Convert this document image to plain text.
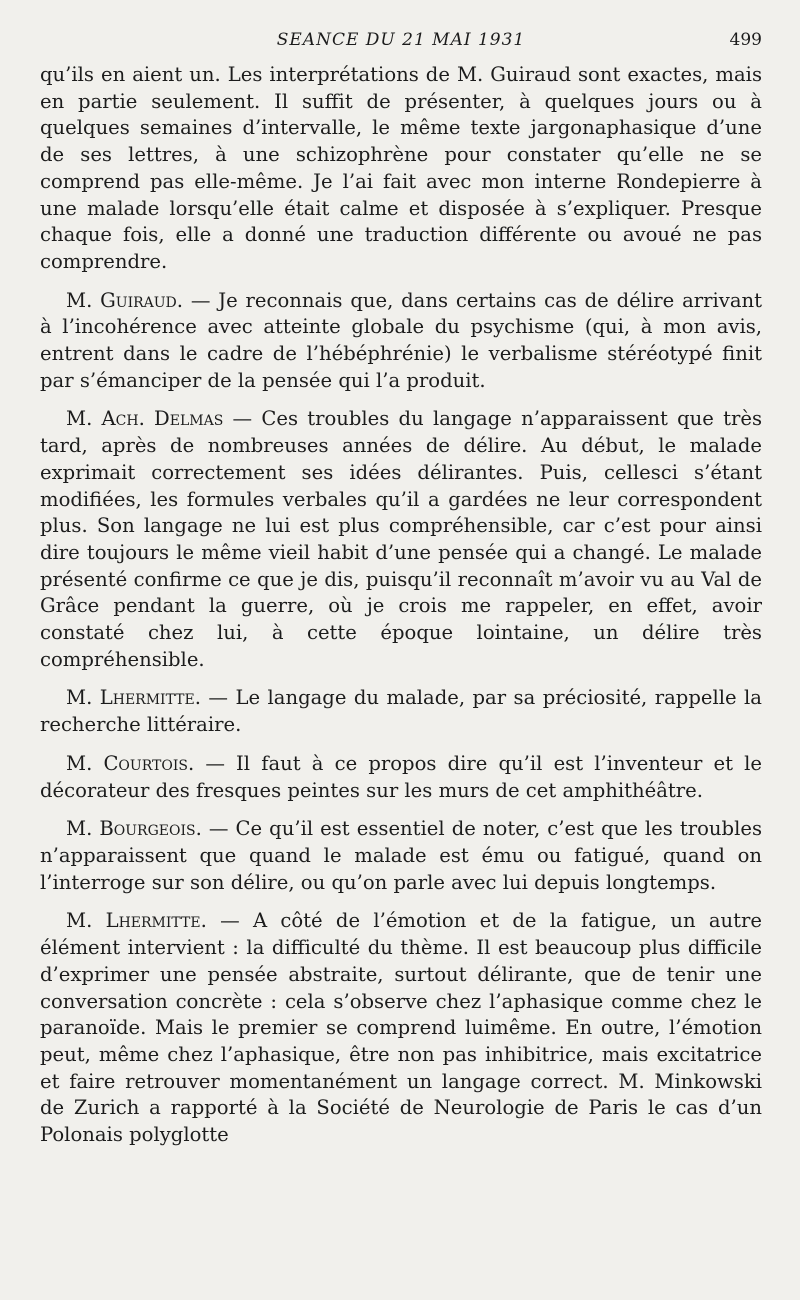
SEANCE DU 21 MAI 1931	499

qu’ils en aient un. Les interprétations de M. Guiraud sont exactes, mais en partie seulement. Il suffit de présenter, à quelques jours ou à quelques semaines d’intervalle, le même texte jargonaphasique d’une de ses lettres, à une schizophrène pour constater qu’elle ne se comprend pas elle-même. Je l’ai fait avec mon interne Rondepierre à une malade lorsqu’elle était calme et disposée à s’expliquer. Presque chaque fois, elle a donné une traduction différente ou avoué ne pas comprendre.

M. Guiraud. — Je reconnais que, dans certains cas de délire arrivant à l’incohérence avec atteinte globale du psychisme (qui, à mon avis, entrent dans le cadre de l’hébéphrénie) le verbalisme stéréotypé finit par s’émanciper de la pensée qui l’a produit.

M. Ach. Delmas — Ces troubles du langage n’apparaissent que très tard, après de nombreuses années de délire. Au début, le malade exprimait correctement ses idées délirantes. Puis, cellesci s’étant modifiées, les formules verbales qu’il a gardées ne leur correspondent plus. Son langage ne lui est plus compréhensible, car c’est pour ainsi dire toujours le même vieil habit d’une pensée qui a changé. Le malade présenté confirme ce que je dis, puisqu’il reconnaît m’avoir vu au Val de Grâce pendant la guerre, où je crois me rappeler, en effet, avoir constaté chez lui, à cette époque lointaine, un délire très compréhensible.

M. Lhermitte. — Le langage du malade, par sa préciosité, rappelle la recherche littéraire.

M. Courtois. — Il faut à ce propos dire qu’il est l’inventeur et le décorateur des fresques peintes sur les murs de cet amphithéâtre.

M. Bourgeois. — Ce qu’il est essentiel de noter, c’est que les troubles n’apparaissent que quand le malade est ému ou fatigué, quand on l’interroge sur son délire, ou qu’on parle avec lui depuis longtemps.

M. Lhermitte. — A côté de l’émotion et de la fatigue, un autre élément intervient : la difficulté du thème. Il est beaucoup plus difficile d’exprimer une pensée abstraite, surtout délirante, que de tenir une conversation concrète : cela s’observe chez l’aphasique comme chez le paranoïde. Mais le premier se comprend luimême. En outre, l’émotion peut, même chez l’aphasique, être non pas inhibitrice, mais excitatrice et faire retrouver momentanément un langage correct. M. Minkowski de Zurich a rapporté à la Société de Neurologie de Paris le cas d’un Polonais polyglotte
